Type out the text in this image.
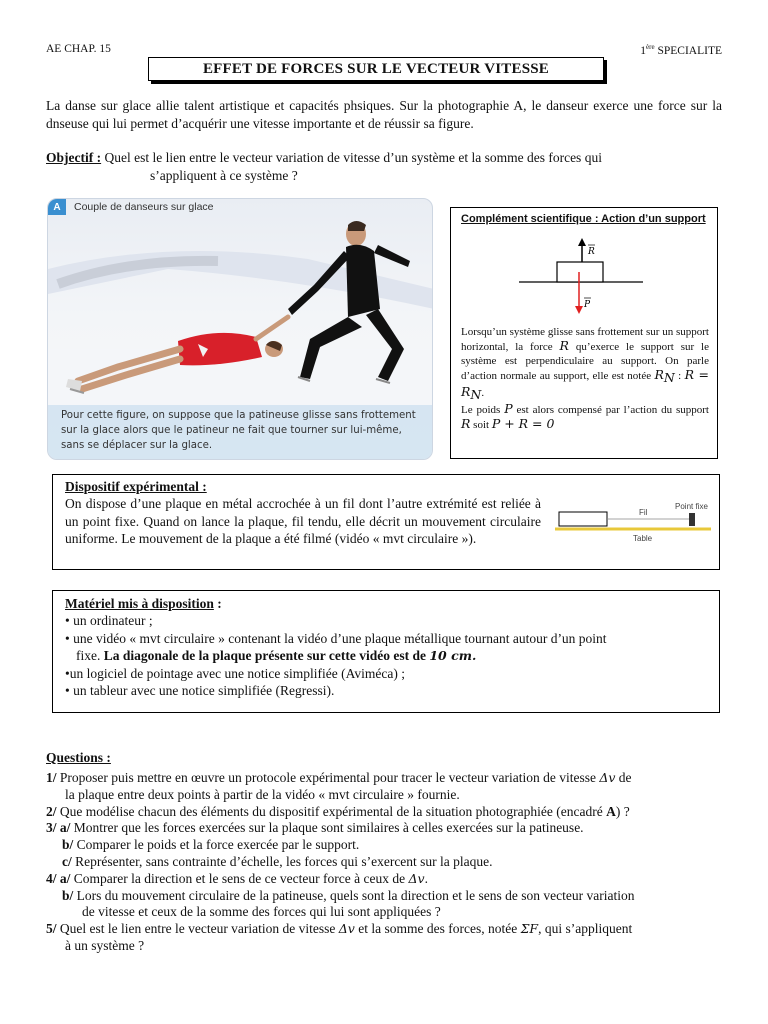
AE CHAP. 15	1ère SPECIALITE
EFFET DE FORCES SUR LE VECTEUR VITESSE
La danse sur glace allie talent artistique et capacités phsiques. Sur la photographie A, le danseur exerce une force sur la dnseuse qui lui permet d’acquérir une vitesse importante et de réussir sa figure.
Objectif : Quel est le lien entre le vecteur variation de vitesse d’un système et la somme des forces qui
s’appliquent à ce système ?
A	Couple de danseurs sur glace
Pour cette figure, on suppose que la patineuse glisse sans frottement sur la glace alors que le patineur ne fait que tourner sur lui-même, sans se déplacer sur la glace.
Complément scientifique : Action d’un support
R
P
Lorsqu’un système glisse sans frottement sur un support horizontal, la force R qu’exerce le support sur le système est perpendiculaire au support. On parle d’action normale au support, elle est notée $R_N$ : $R = R_N$.
Le poids P est alors compensé par l’action du support R soit P + R = 0
Dispositif expérimental :
On dispose d’une plaque en métal accrochée à un fil dont l’autre extrémité est reliée à un point fixe. Quand on lance la plaque, fil tendu, elle décrit un mouvement circulaire uniforme. Le mouvement de la plaque a été filmé (vidéo « mvt circulaire »).
Fil
Point fixe
Table
Matériel mis à disposition :
• un ordinateur ;
• une vidéo « mvt circulaire » contenant la vidéo d’une plaque métallique tournant autour d’un point
fixe. La diagonale de la plaque présente sur cette vidéo est de 10 cm.
•un logiciel de pointage avec une notice simplifiée (Aviméca) ;
• un tableur avec une notice simplifiée (Regressi).
Questions :
1/ Proposer puis mettre en œuvre un protocole expérimental pour tracer le vecteur variation de vitesse Δv de
la plaque entre deux points à partir de la vidéo « mvt circulaire » fournie.
2/ Que modélise chacun des éléments du dispositif expérimental de la situation photographiée (encadré A) ?
3/ a/ Montrer que les forces exercées sur la plaque sont similaires à celles exercées sur la patineuse.
b/ Comparer le poids et la force exercée par le support.
c/ Représenter, sans contrainte d’échelle, les forces qui s’exercent sur la plaque.
4/ a/ Comparer la direction et le sens de ce vecteur force à ceux de Δv.
b/ Lors du mouvement circulaire de la patineuse, quels sont la direction et le sens de son vecteur variation
de vitesse et ceux de la somme des forces qui lui sont appliquées ?
5/ Quel est le lien entre le vecteur variation de vitesse Δv et la somme des forces, notée ΣF, qui s’appliquent
à un système ?
